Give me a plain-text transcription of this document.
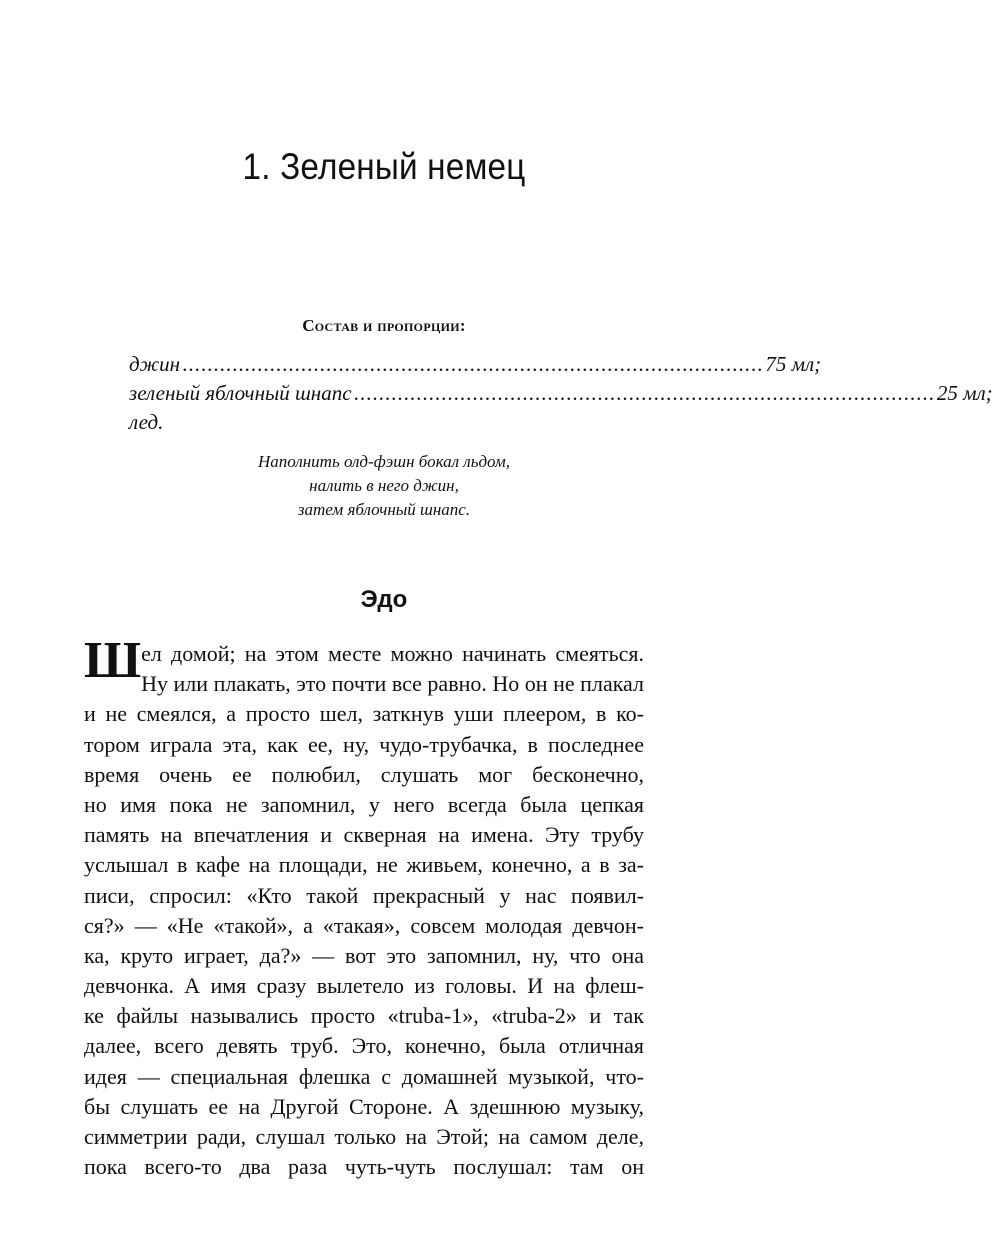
1. Зеленый немец
Состав и пропорции:
джин ............................................................................................. 75 мл;
зеленый яблочный шнапс ............................................................................................. 25 мл;
лед.
Наполнить олд-фэшн бокал льдом,
налить в него джин,
затем яблочный шнапс.
Эдо
Ш ел домой; на этом месте можно начинать смеяться.
Ну или плакать, это почти все равно. Но он не плакал
и не смеялся, а просто шел, заткнув уши плеером, в ко-
тором играла эта, как ее, ну, чудо-трубачка, в последнее
время очень ее полюбил, слушать мог бесконечно,
но имя пока не запомнил, у него всегда была цепкая
память на впечатления и скверная на имена. Эту трубу
услышал в кафе на площади, не живьем, конечно, а в за-
писи, спросил: «Кто такой прекрасный у нас появил-
ся?» — «Не «такой», а «такая», совсем молодая девчон-
ка, круто играет, да?» — вот это запомнил, ну, что она
девчонка. А имя сразу вылетело из головы. И на флеш-
ке файлы назывались просто «truba-1», «truba-2» и так
далее, всего девять труб. Это, конечно, была отличная
идея — специальная флешка с домашней музыкой, что-
бы слушать ее на Другой Стороне. А здешнюю музыку,
симметрии ради, слушал только на Этой; на самом деле,
пока всего-то два раза чуть-чуть послушал: там он
